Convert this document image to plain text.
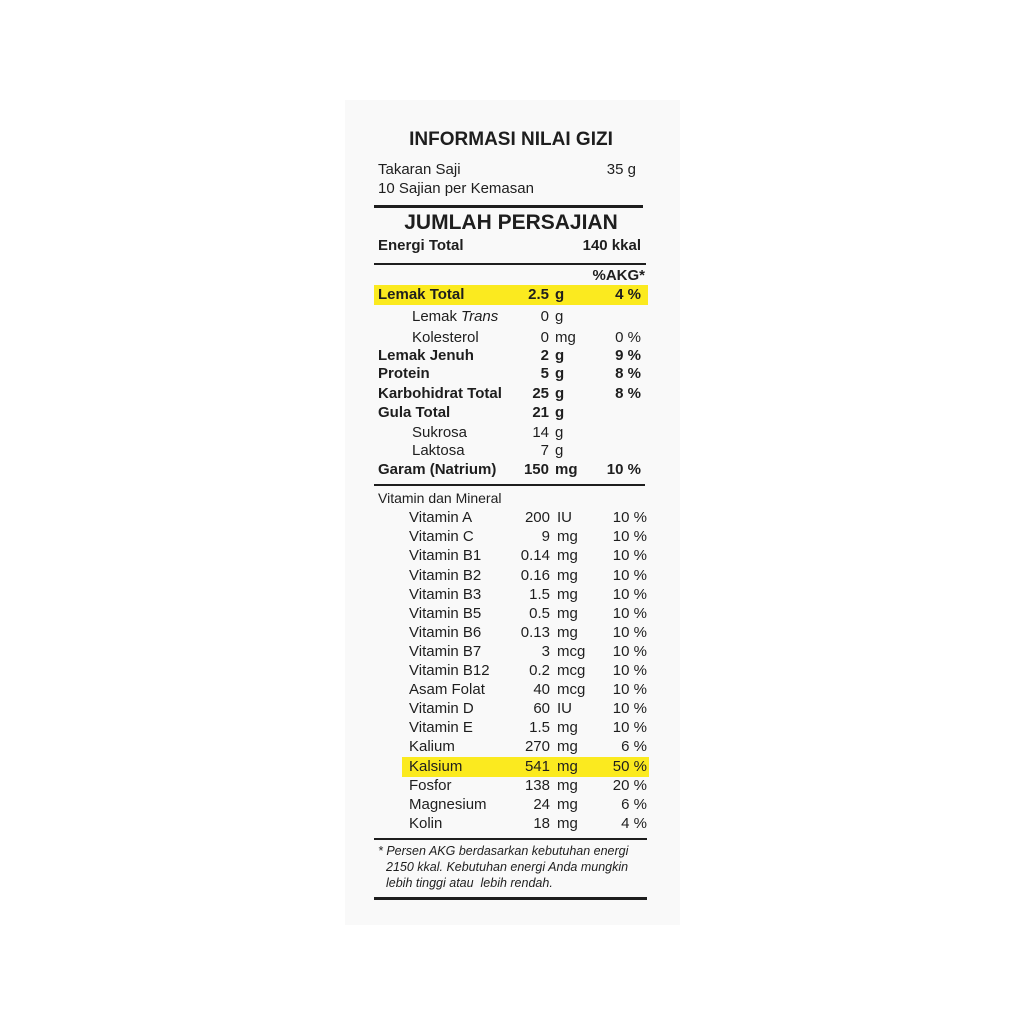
INFORMASI NILAI GIZI
Takaran Saji	35 g
10 Sajian per Kemasan
JUMLAH PERSAJIAN
Energi Total	140 kkal
%AKG*
Lemak Total	2.5 g	4 %
Lemak Trans	0 g
Kolesterol	0 mg	0 %
Lemak Jenuh	2 g	9 %
Protein	5 g	8 %
Karbohidrat Total 25 g	8 %
Gula Total	21 g
Sukrosa	14 g
Laktosa	7 g
Garam (Natrium) 150 mg 10 %
Vitamin dan Mineral
Vitamin A	200 IU	10 %
Vitamin C	9 mg 10 %
Vitamin B1	0.14 mg 10 %
Vitamin B2	0.16 mg 10 %
Vitamin B3	1.5 mg 10 %
Vitamin B5	0.5 mg 10 %
Vitamin B6	0.13 mg 10 %
Vitamin B7	3 mcg 10 %
Vitamin B12	0.2 mcg 10 %
Asam Folat	40 mcg 10 %
Vitamin D	60 IU	10 %
Vitamin E	1.5 mg 10 %
Kalium	270 mg	6 %
Kalsium	541 mg 50 %
Fosfor	138 mg 20 %
Magnesium	24 mg	6 %
Kolin	18 mg	4 %
* Persen AKG berdasarkan kebutuhan energi
2150 kkal. Kebutuhan energi Anda mungkin
lebih tinggi atau  lebih rendah.
